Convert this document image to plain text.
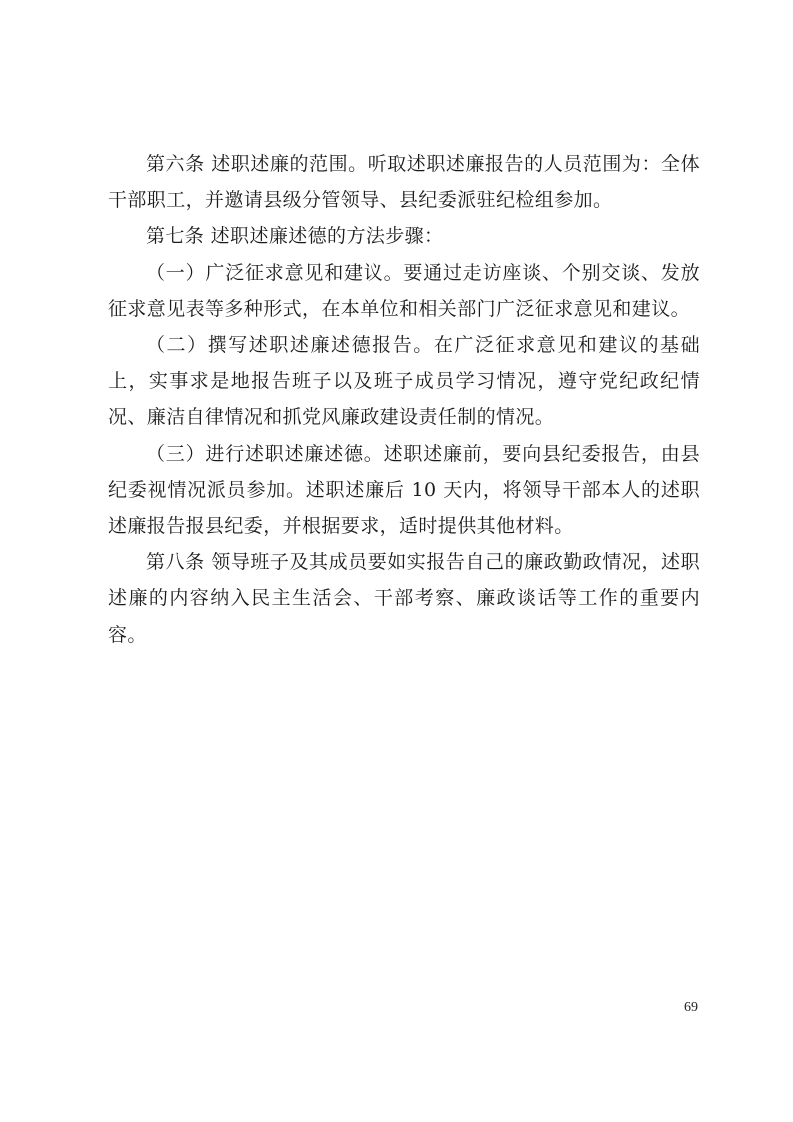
第六条 述职述廉的范围。听取述职述廉报告的人员范围为：全体干部职工，并邀请县级分管领导、县纪委派驻纪检组参加。

第七条 述职述廉述德的方法步骤：

（一）广泛征求意见和建议。要通过走访座谈、个别交谈、发放征求意见表等多种形式，在本单位和相关部门广泛征求意见和建议。

（二）撰写述职述廉述德报告。在广泛征求意见和建议的基础上，实事求是地报告班子以及班子成员学习情况，遵守党纪政纪情况、廉洁自律情况和抓党风廉政建设责任制的情况。

（三）进行述职述廉述德。述职述廉前，要向县纪委报告，由县纪委视情况派员参加。述职述廉后 10 天内，将领导干部本人的述职述廉报告报县纪委，并根据要求，适时提供其他材料。

第八条 领导班子及其成员要如实报告自己的廉政勤政情况，述职述廉的内容纳入民主生活会、干部考察、廉政谈话等工作的重要内容。

69
